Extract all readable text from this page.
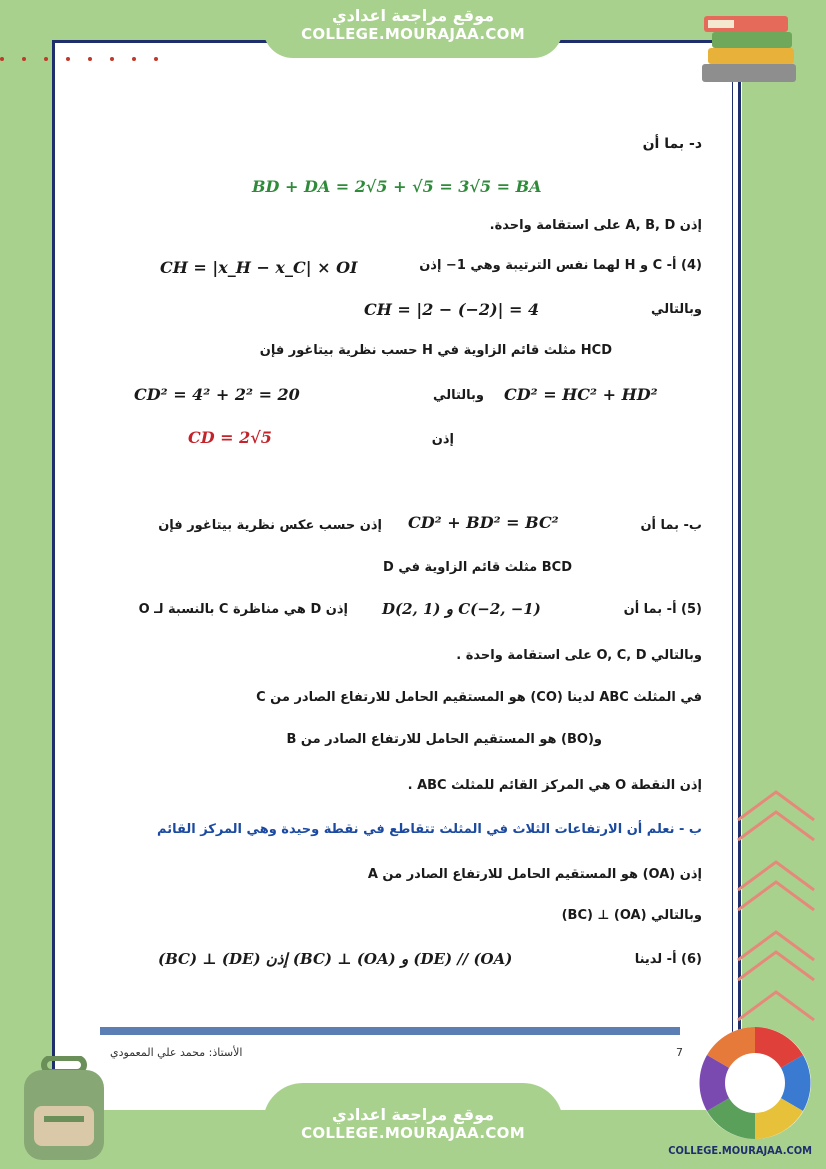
د- بما أن
BD + DA = 2√5 + √5 = 3√5 = BA
إذن A, B, D على استقامة واحدة.
(4) أ- C و H لهما نفس الترتيبة وهي 1− إذن
CH = |x_H − x_C| × OI
وبالتالي
CH = |2 − (−2)| = 4
HCD مثلث قائم الزاوية في H حسب نظرية بيتاغور فإن
CD² = 4² + 2² = 20	وبالتالي CD² = HC² + HD²
CD = 2√5	إذن
ب- بما أن
CD² + BD² = BC²
إذن حسب عكس نظرية بيتاغور فإن
BCD مثلث قائم الزاوية في D
(5) أ- بما أن
D(2, 1) و C(−2, −1)
إذن D هي مناظرة C بالنسبة لـ O
وبالتالي O, C, D على استقامة واحدة .
في المثلث ABC لدينا (CO) هو المستقيم الحامل للارتفاع الصادر من C
و(BO) هو المستقيم الحامل للارتفاع الصادر من B
إذن النقطة O هي المركز القائم للمثلث ABC .
ب - نعلم أن الارتفاعات الثلاث في المثلث تتقاطع في نقطة وحيدة وهي المركز القائم
إذن (OA) هو المستقيم الحامل للارتفاع الصادر من A
وبالتالي (OA) ⊥ (BC)
(6) أ- لدينا
(BC) ⊥ (DE) إذن (BC) ⊥ (OA) و (DE) // (OA)
الأستاذ: محمد علي المعمودي	7
موقع مراجعة اعدادي
COLLEGE.MOURAJAA.COM
موقع مراجعة اعدادي
COLLEGE.MOURAJAA.COM
COLLEGE.MOURAJAA.COM
